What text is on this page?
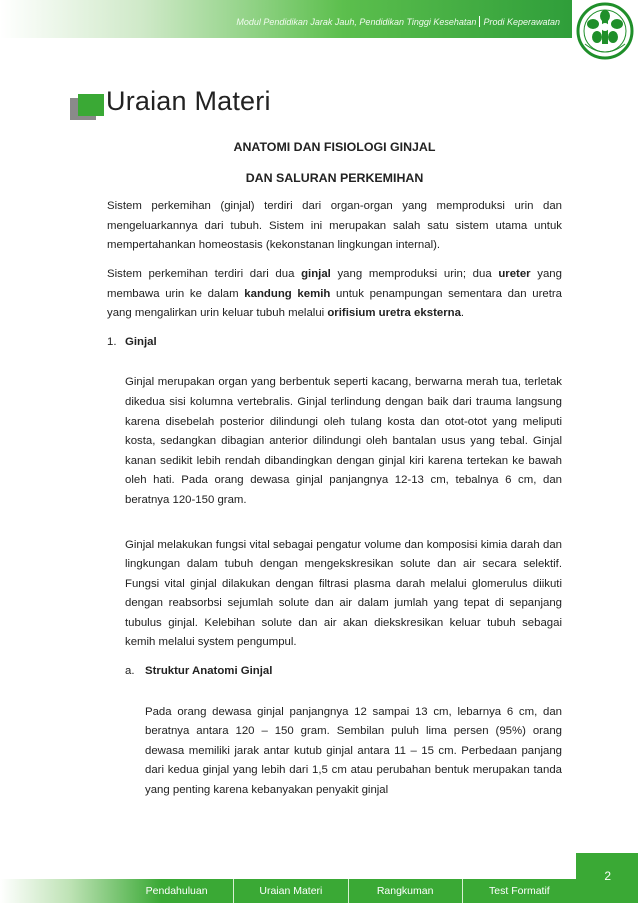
Modul Pendidikan Jarak Jauh, Pendidikan Tinggi Kesehatan Prodi Keperawatan
Uraian Materi
ANATOMI DAN FISIOLOGI GINJAL
DAN SALURAN PERKEMIHAN

Sistem perkemihan (ginjal) terdiri dari organ-organ yang memproduksi urin dan mengeluarkannya dari tubuh. Sistem ini merupakan salah satu sistem utama untuk mempertahankan homeostasis (kekonstanan lingkungan internal).

Sistem perkemihan terdiri dari dua ginjal yang memproduksi urin; dua ureter yang membawa urin ke dalam kandung kemih untuk penampungan sementara dan uretra yang mengalirkan urin keluar tubuh melalui orifisium uretra eksterna.

1. Ginjal

Ginjal merupakan organ yang berbentuk seperti kacang, berwarna merah tua, terletak dikedua sisi kolumna vertebralis. Ginjal terlindung dengan baik dari trauma langsung karena disebelah posterior dilindungi oleh tulang kosta dan otot-otot yang meliputi kosta, sedangkan dibagian anterior dilindungi oleh bantalan usus yang tebal. Ginjal kanan sedikit lebih rendah dibandingkan dengan ginjal kiri karena tertekan ke bawah oleh hati. Pada orang dewasa ginjal panjangnya 12-13 cm, tebalnya 6 cm, dan beratnya 120-150 gram.

Ginjal melakukan fungsi vital sebagai pengatur volume dan komposisi kimia darah dan lingkungan dalam tubuh dengan mengekskresikan solute dan air secara selektif. Fungsi vital ginjal dilakukan dengan filtrasi plasma darah melalui glomerulus diikuti dengan reabsorbsi sejumlah solute dan air dalam jumlah yang tepat di sepanjang tubulus ginjal. Kelebihan solute dan air akan diekskresikan keluar tubuh sebagai kemih melalui system pengumpul.

a. Struktur Anatomi Ginjal

Pada orang dewasa ginjal panjangnya 12 sampai 13 cm, lebarnya 6 cm, dan beratnya antara 120 – 150 gram. Sembilan puluh lima persen (95%) orang dewasa memiliki jarak antar kutub ginjal antara 11 – 15 cm. Perbedaan panjang dari kedua ginjal yang lebih dari 1,5 cm atau perubahan bentuk merupakan tanda yang penting karena kebanyakan penyakit ginjal

Pendahuluan	Uraian Materi	Rangkuman	Test Formatif
2
